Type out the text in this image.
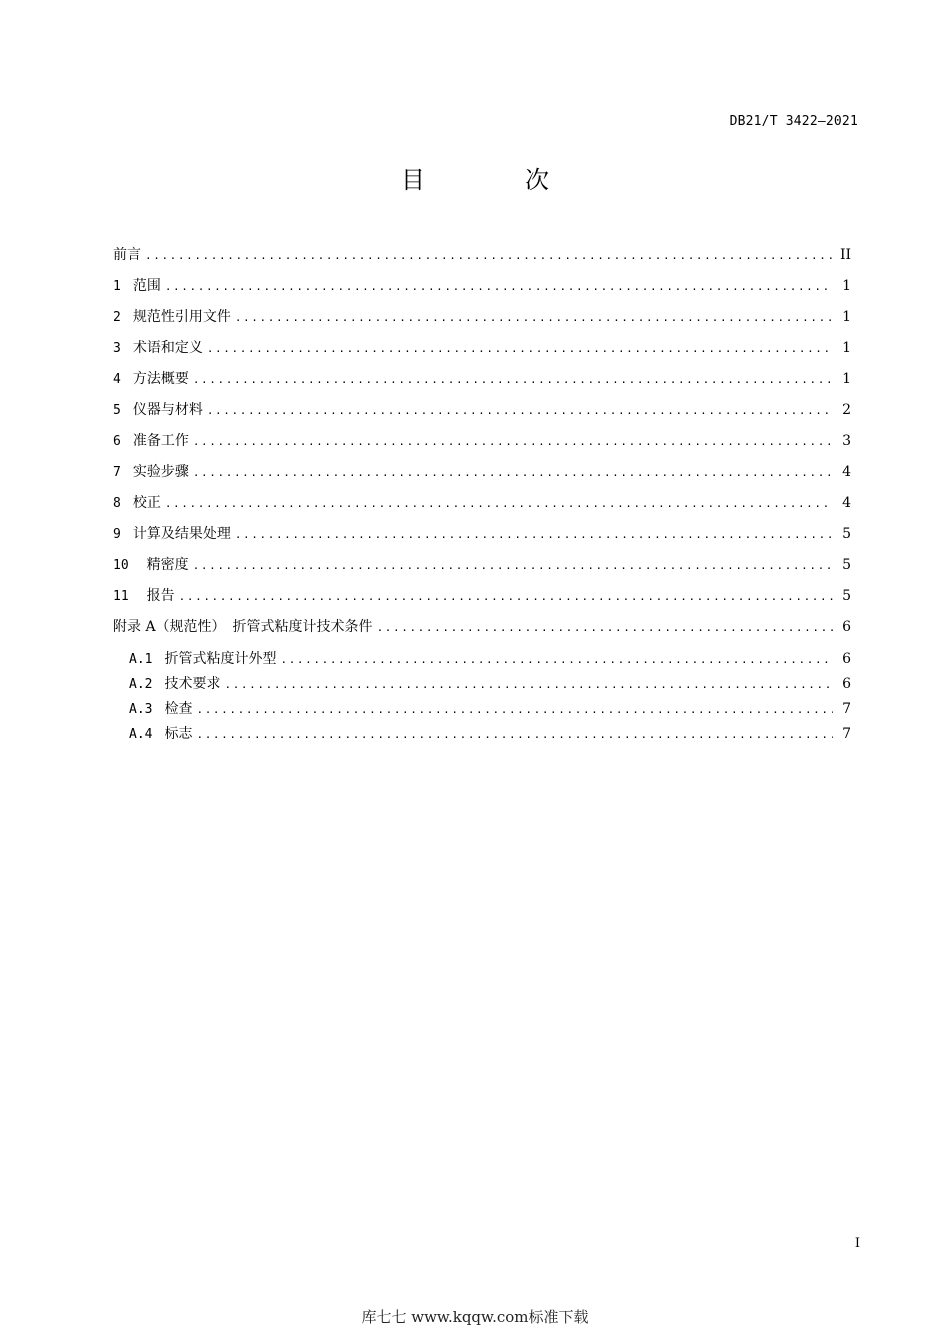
DB21/T 3422—2021
目　次
前言 .....	II
1 范围 .....	1
2 规范性引用文件 .....	1
3 术语和定义 .....	1
4 方法概要 .....	1
5 仪器与材料 .....	2
6 准备工作 .....	3
7 实验步骤 .....	4
8 校正 .....	4
9 计算及结果处理 .....	5
10 精密度 .....	5
11 报告 .....	5
附录 A（规范性）　折管式粘度计技术条件 .....	6
A.1 折管式粘度计外型 .....	6
A.2 技术要求 .....	6
A.3 检查 .....	7
A.4 标志 .....	7
I
库七七 www.kqqw.com标准下载
